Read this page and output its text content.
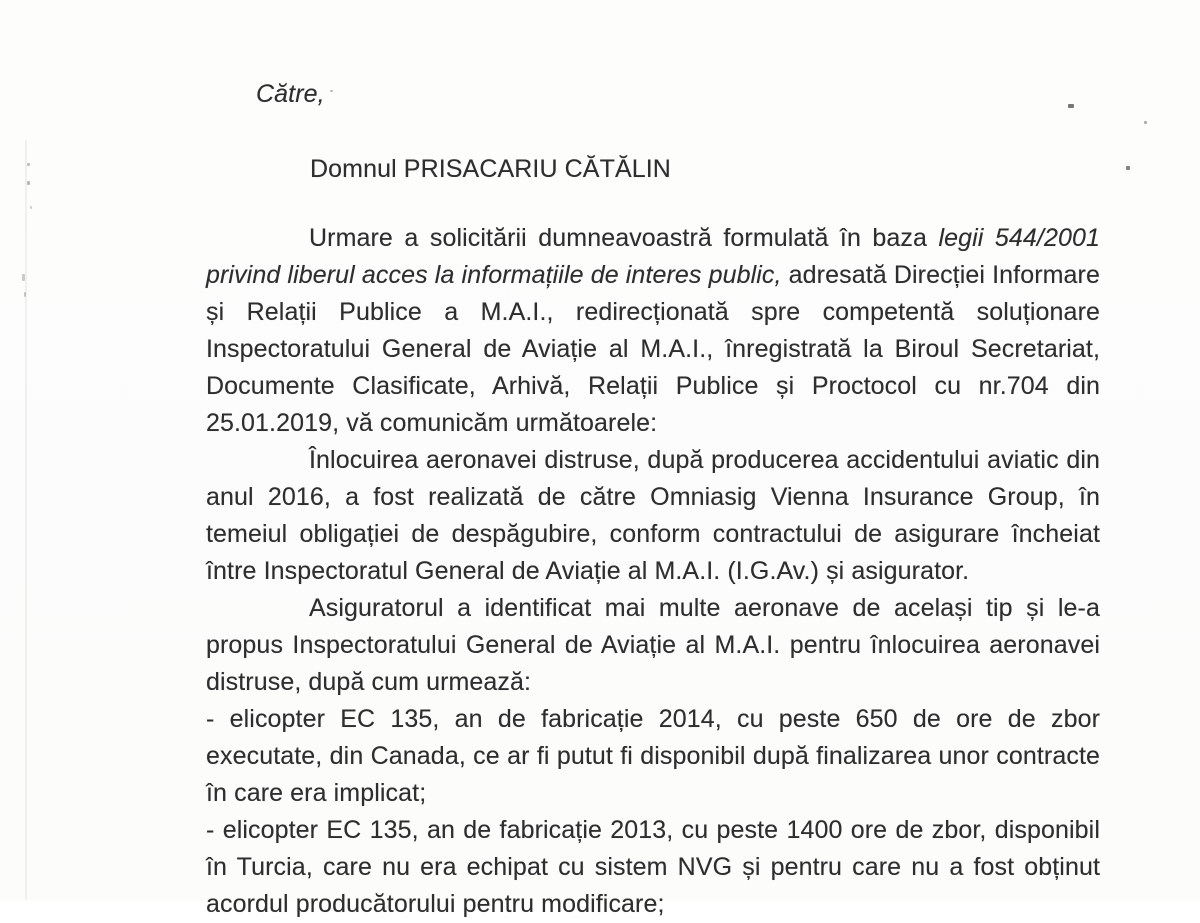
Către,
Domnul PRISACARIU CĂTĂLIN
Urmare a solicitării dumneavoastră formulată în baza legii 544/2001
privind liberul acces la informațiile de interes public, adresată Direcției Informare
și Relații Publice a M.A.I., redirecționată spre competentă soluționare
Inspectoratului General de Aviație al M.A.I., înregistrată la Biroul Secretariat,
Documente Clasificate, Arhivă, Relații Publice și Proctocol cu nr.704 din
25.01.2019, vă comunicăm următoarele:
Înlocuirea aeronavei distruse, după producerea accidentului aviatic din
anul 2016, a fost realizată de către Omniasig Vienna Insurance Group, în
temeiul obligației de despăgubire, conform contractului de asigurare încheiat
între Inspectoratul General de Aviație al M.A.I. (I.G.Av.) și asigurator.
Asiguratorul a identificat mai multe aeronave de același tip și le-a
propus Inspectoratului General de Aviație al M.A.I. pentru înlocuirea aeronavei
distruse, după cum urmează:
- elicopter EC 135, an de fabricație 2014, cu peste 650 de ore de zbor
executate, din Canada, ce ar fi putut fi disponibil după finalizarea unor contracte
în care era implicat;
- elicopter EC 135, an de fabricație 2013, cu peste 1400 ore de zbor, disponibil
în Turcia, care nu era echipat cu sistem NVG și pentru care nu a fost obținut
acordul producătorului pentru modificare;
